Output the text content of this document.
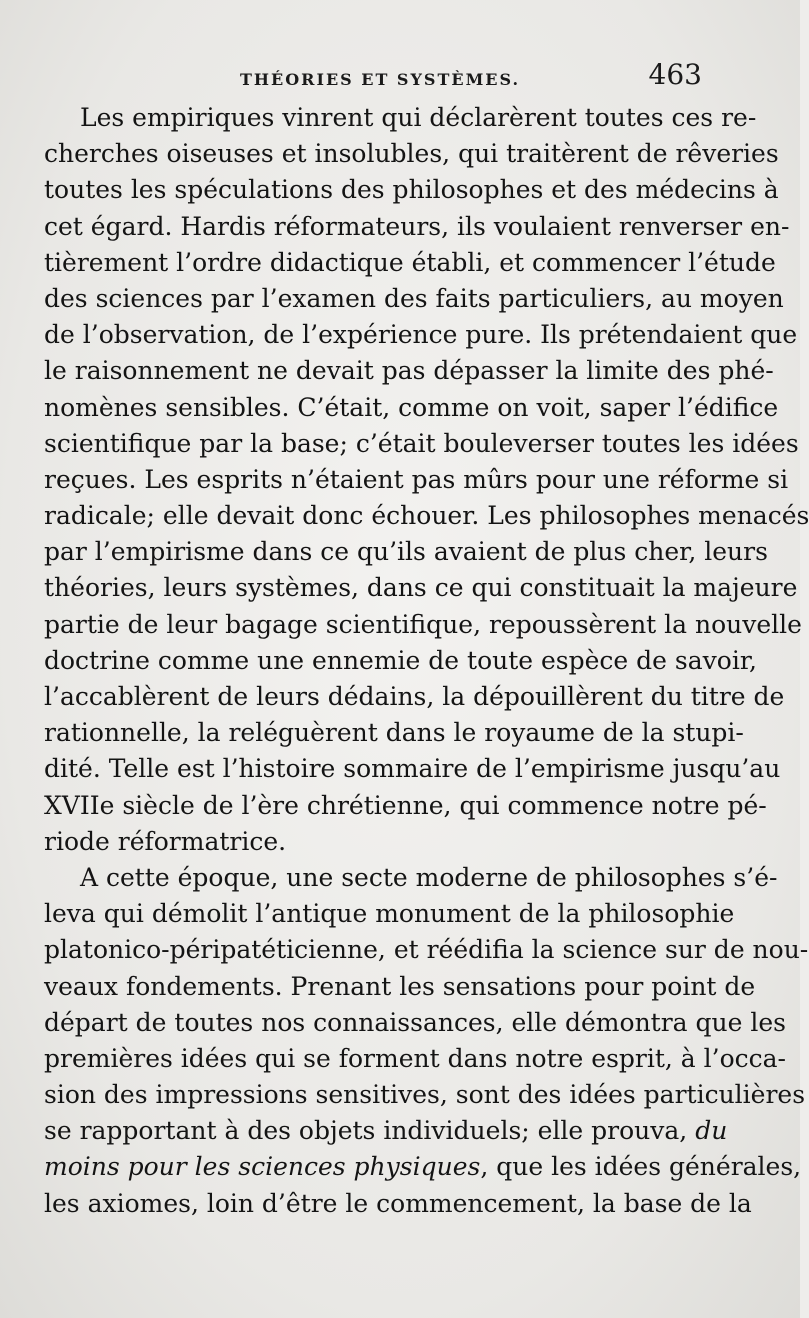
THÉORIES ET SYSTÈMES.	463
Les empiriques vinrent qui déclarèrent toutes ces re-
cherches oiseuses et insolubles, qui traitèrent de rêveries
toutes les spéculations des philosophes et des médecins à
cet égard. Hardis réformateurs, ils voulaient renverser en-
tièrement l’ordre didactique établi, et commencer l’étude
des sciences par l’examen des faits particuliers, au moyen
de l’observation, de l’expérience pure. Ils prétendaient que
le raisonnement ne devait pas dépasser la limite des phé-
nomènes sensibles. C’était, comme on voit, saper l’édifice
scientifique par la base; c’était bouleverser toutes les idées
reçues. Les esprits n’étaient pas mûrs pour une réforme si
radicale; elle devait donc échouer. Les philosophes menacés
par l’empirisme dans ce qu’ils avaient de plus cher, leurs
théories, leurs systèmes, dans ce qui constituait la majeure
partie de leur bagage scientifique, repoussèrent la nouvelle
doctrine comme une ennemie de toute espèce de savoir,
l’accablèrent de leurs dédains, la dépouillèrent du titre de
rationnelle, la reléguèrent dans le royaume de la stupi-
dité. Telle est l’histoire sommaire de l’empirisme jusqu’au
XVIIe siècle de l’ère chrétienne, qui commence notre pé-
riode réformatrice.
A cette époque, une secte moderne de philosophes s’é-
leva qui démolit l’antique monument de la philosophie
platonico-péripatéticienne, et réédifia la science sur de nou-
veaux fondements. Prenant les sensations pour point de
départ de toutes nos connaissances, elle démontra que les
premières idées qui se forment dans notre esprit, à l’occa-
sion des impressions sensitives, sont des idées particulières
se rapportant à des objets individuels; elle prouva, du
moins pour les sciences physiques, que les idées générales,
les axiomes, loin d’être le commencement, la base de la
